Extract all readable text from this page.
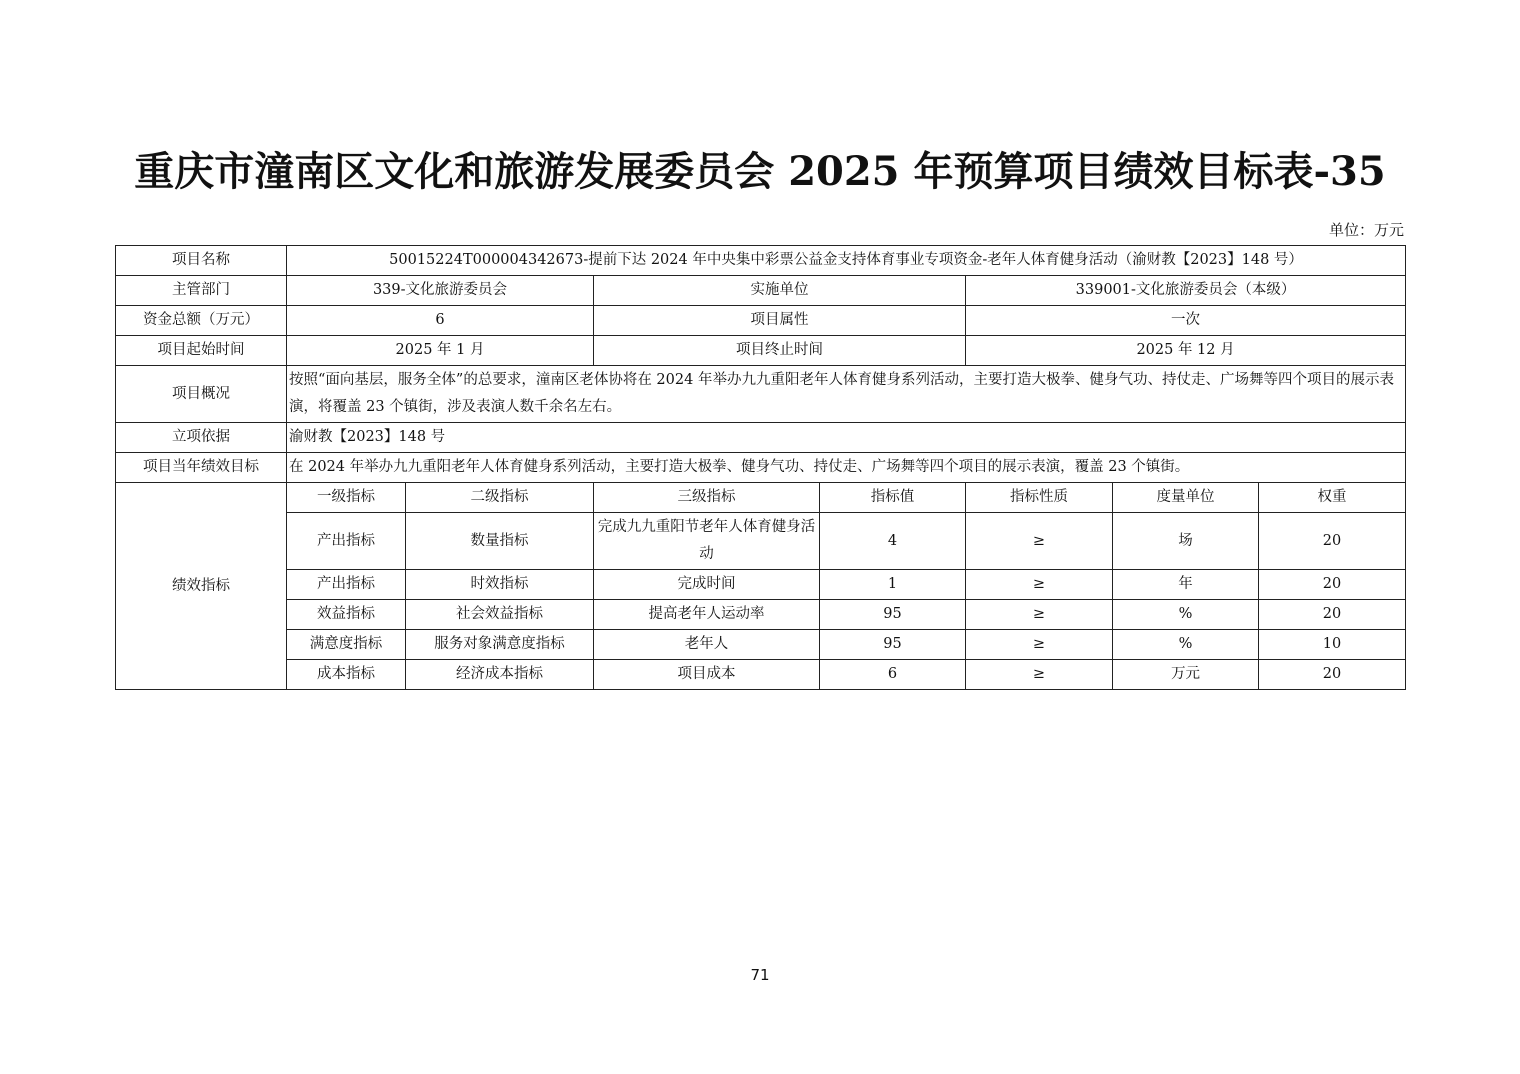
重庆市潼南区文化和旅游发展委员会 2025 年预算项目绩效目标表-35
单位：万元
项目名称	50015224T000004342673-提前下达 2024 年中央集中彩票公益金支持体育事业专项资金-老年人体育健身活动（渝财教【2023】148 号）						
主管部门	339-文化旅游委员会		实施单位		339001-文化旅游委员会（本级）		
资金总额（万元）	6		项目属性		一次		
项目起始时间	2025 年 1 月		项目终止时间		2025 年 12 月		
项目概况	按照“面向基层，服务全体”的总要求，潼南区老体协将在 2024 年举办九九重阳老年人体育健身系列活动，主要打造大极拳、健身气功、持仗走、广场舞等四个项目的展示表演，将覆盖 23 个镇街，涉及表演人数千余名左右。						
立项依据	渝财教【2023】148 号						
项目当年绩效目标	在 2024 年举办九九重阳老年人体育健身系列活动，主要打造大极拳、健身气功、持仗走、广场舞等四个项目的展示表演，覆盖 23 个镇街。						
绩效指标	一级指标	二级指标	三级指标	指标值	指标性质	度量单位	权重
	产出指标	数量指标	完成九九重阳节老年人体育健身活动	4	≥	场	20
	产出指标	时效指标	完成时间	1	≥	年	20
	效益指标	社会效益指标	提高老年人运动率	95	≥	%	20
	满意度指标	服务对象满意度指标	老年人	95	≥	%	10
	成本指标	经济成本指标	项目成本	6	≥	万元	20
71
